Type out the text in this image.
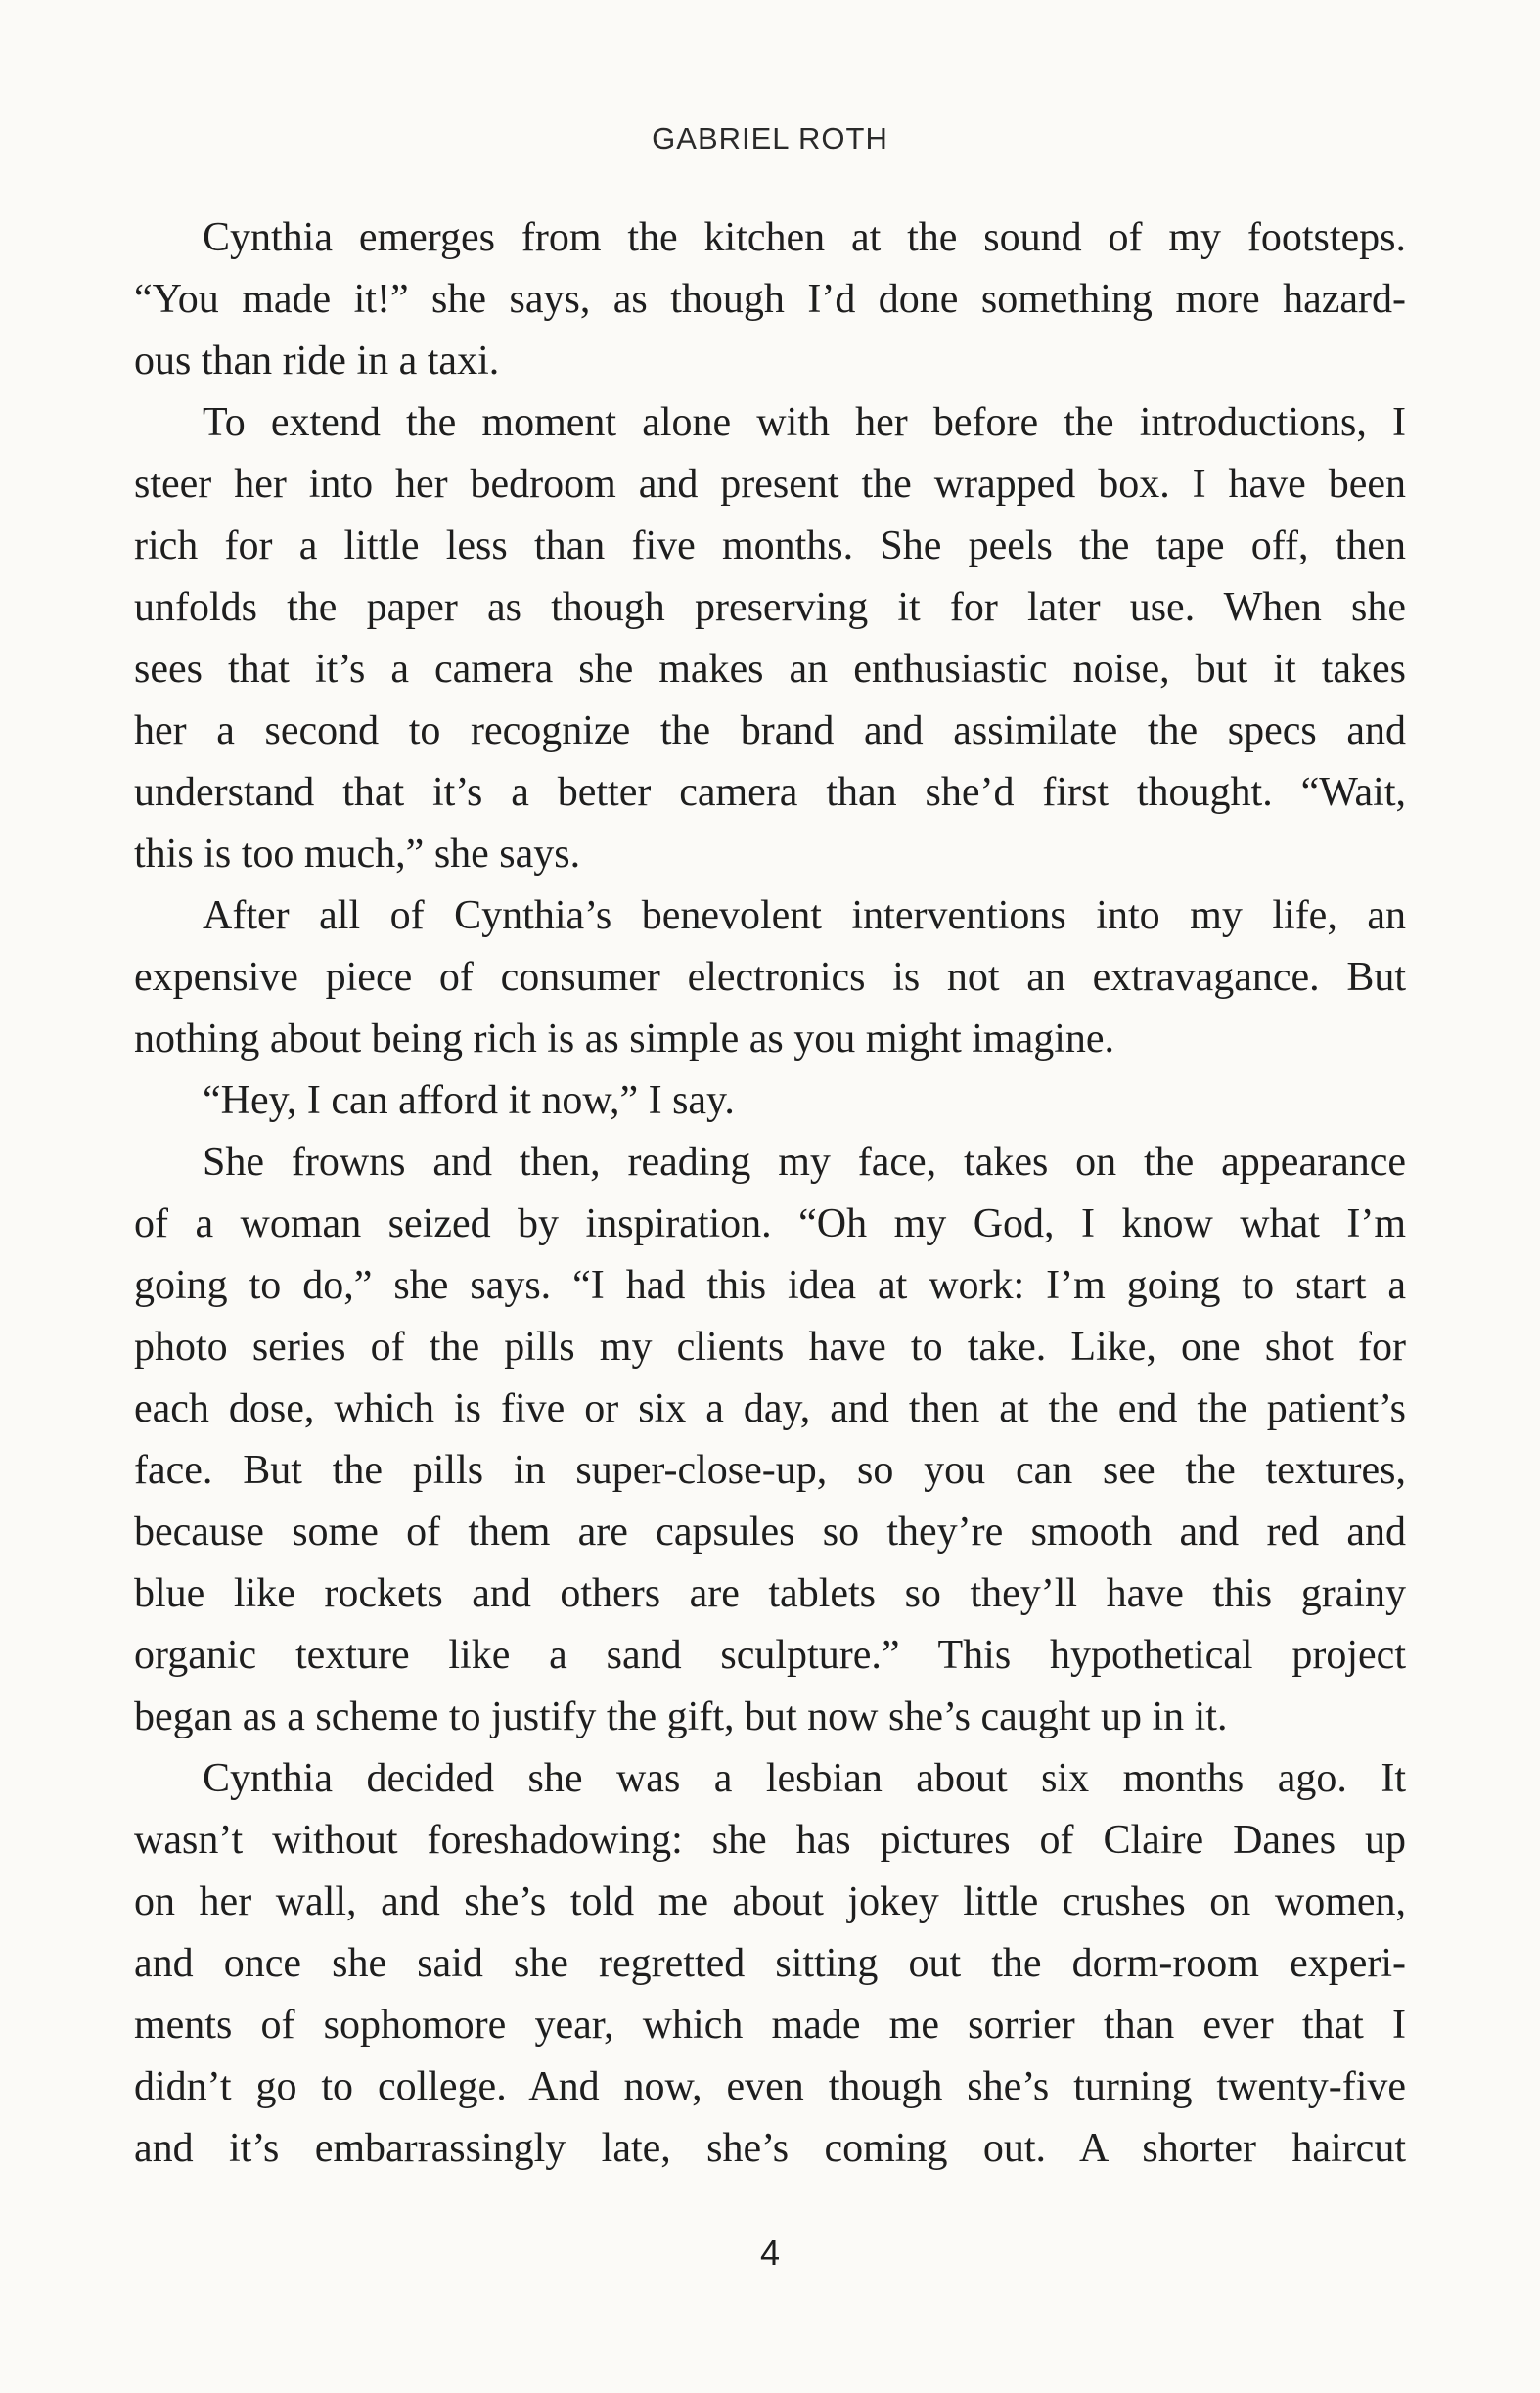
GABRIEL ROTH

Cynthia emerges from the kitchen at the sound of my footsteps.
“You made it!” she says, as though I’d done something more hazard-
ous than ride in a taxi.

To extend the moment alone with her before the introductions, I
steer her into her bedroom and present the wrapped box. I have been
rich for a little less than five months. She peels the tape off, then
unfolds the paper as though preserving it for later use. When she
sees that it’s a camera she makes an enthusiastic noise, but it takes
her a second to recognize the brand and assimilate the specs and
understand that it’s a better camera than she’d first thought. “Wait,
this is too much,” she says.

After all of Cynthia’s benevolent interventions into my life, an
expensive piece of consumer electronics is not an extravagance. But
nothing about being rich is as simple as you might imagine.

“Hey, I can afford it now,” I say.

She frowns and then, reading my face, takes on the appearance
of a woman seized by inspiration. “Oh my God, I know what I’m
going to do,” she says. “I had this idea at work: I’m going to start a
photo series of the pills my clients have to take. Like, one shot for
each dose, which is five or six a day, and then at the end the patient’s
face. But the pills in super-close-up, so you can see the textures,
because some of them are capsules so they’re smooth and red and
blue like rockets and others are tablets so they’ll have this grainy
organic texture like a sand sculpture.” This hypothetical project
began as a scheme to justify the gift, but now she’s caught up in it.

Cynthia decided she was a lesbian about six months ago. It
wasn’t without foreshadowing: she has pictures of Claire Danes up
on her wall, and she’s told me about jokey little crushes on women,
and once she said she regretted sitting out the dorm-room experi-
ments of sophomore year, which made me sorrier than ever that I
didn’t go to college. And now, even though she’s turning twenty-five
and it’s embarrassingly late, she’s coming out. A shorter haircut

4
